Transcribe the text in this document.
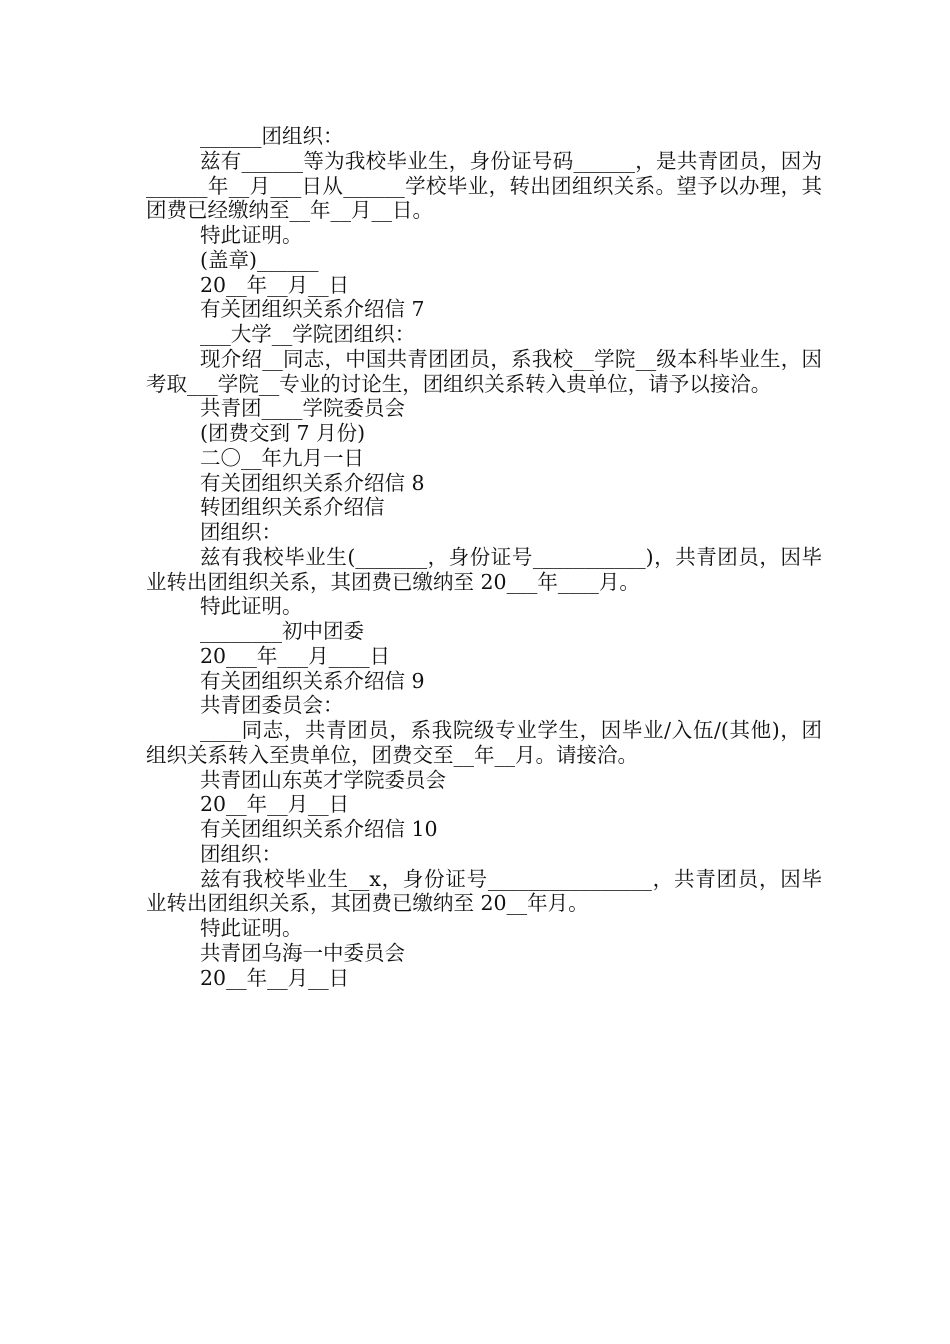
______团组织：

兹有______等为我校毕业生，身份证号码______，是共青团员，因为______年__月___日从______学校毕业，转出团组织关系。望予以办理，其团费已经缴纳至__年__月__日。

特此证明。

(盖章)______

20__年__月__日

有关团组织关系介绍信 7

___大学__学院团组织：

现介绍__同志，中国共青团团员，系我校__学院__级本科毕业生，因考取___学院__专业的讨论生，团组织关系转入贵单位，请予以接洽。

共青团____学院委员会

(团费交到 7 月份)

二〇__年九月一日

有关团组织关系介绍信 8

转团组织关系介绍信

团组织：

兹有我校毕业生(_______，身份证号___________)，共青团员，因毕业转出团组织关系，其团费已缴纳至 20___年____月。

特此证明。

________初中团委

20___年___月____日

有关团组织关系介绍信 9

共青团委员会：

____同志，共青团员，系我院级专业学生，因毕业/入伍/(其他)，团组织关系转入至贵单位，团费交至__年__月。请接洽。

共青团山东英才学院委员会

20__年__月__日

有关团组织关系介绍信 10

团组织：

兹有我校毕业生__x，身份证号________________，共青团员，因毕业转出团组织关系，其团费已缴纳至 20__年月。

特此证明。

共青团乌海一中委员会

20__年__月__日
